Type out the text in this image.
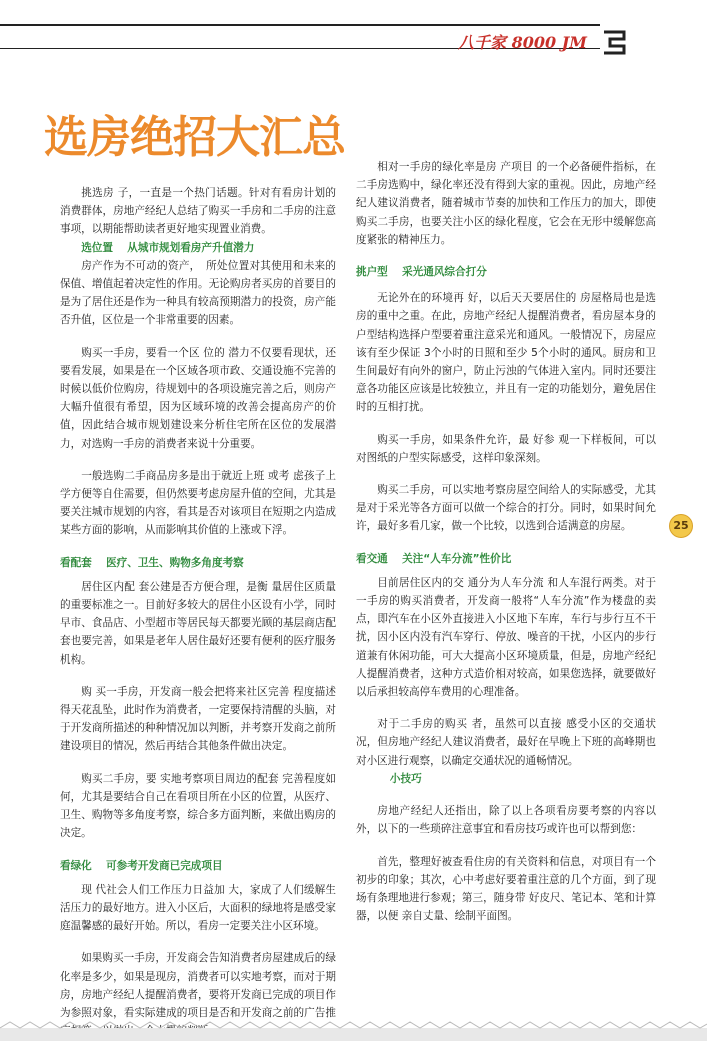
八千家 8000 JM
选房绝招大汇总

挑选房 子，一直是一个热门话题。针对有看房计划的消费群体，房地产经纪人总结了购买一手房和二手房的注意事项，以期能帮助读者更好地实现置业消费。

选位置　 从城市规划看房产升值潜力

房产作为不可动的资产，　所处位置对其使用和未来的保值、增值起着决定性的作用。无论购房者买房的首要目的是为了居住还是作为一种具有较高预期潜力的投资，房产能否升值，区位是一个非常重要的因素。

购买一手房，要看一个区 位的 潜力不仅要看现状，还要看发展，如果是在一个区域各项市政、交通设施不完善的时候以低价位购房，待规划中的各项设施完善之后，则房产大幅升值很有希望，因为区域环境的改善会提高房产的价值，因此结合城市规划建设来分析住宅所在区位的发展潜力，对选购一手房的消费者来说十分重要。

一般选购二手商品房多是出于就近上班 或考 虑孩子上学方便等自住需要，但仍然要考虑房屋升值的空间，尤其是要关注城市规划的内容，看其是否对该项目在短期之内造成某些方面的影响，从而影响其价值的上涨或下浮。

看配套　 医疗、卫生、购物多角度考察

居住区内配 套公建是否方便合理，是衡 量居住区质量的重要标准之一。目前好多较大的居住小区设有小学，同时早市、食品店、小型超市等居民每天都要光顾的基层商店配套也要完善，如果是老年人居住最好还要有便利的医疗服务机构。

购 买一手房，开发商一般会把将来社区完善 程度描述得天花乱坠，此时作为消费者，一定要保持清醒的头脑，对于开发商所描述的种种情况加以判断，并考察开发商之前所建设项目的情况，然后再结合其他条件做出决定。

购买二手房，要 实地考察项目周边的配套 完善程度如何，尤其是要结合自己在看项目所在小区的位置，从医疗、卫生、购物等多角度考察，综合多方面判断，来做出购房的决定。

看绿化　 可参考开发商已完成项目

现 代社会人们工作压力日益加 大，家成了人们缓解生活压力的最好地方。进入小区后，大面积的绿地将是感受家庭温馨感的最好开始。所以，看房一定要关注小区环境。

如果购买一手房，开发商会告知消费者房屋建成后的绿化率是多少，如果是现房，消费者可以实地考察，而对于期房，房地产经纪人提醒消费者，要将开发商已完成的项目作为参照对象，看实际建成的项目是否和开发商之前的广告推

相对一手房的绿化率是房 产项目 的一个必备硬件指标，在二手房选购中，绿化率还没有得到大家的重视。因此，房地产经纪人建议消费者，随着城市节奏的加快和工作压力的加大，即使购买二手房，也要关注小区的绿化程度，它会在无形中缓解您高度紧张的精神压力。

挑户型　 采光通风综合打分

无论外在的环境再 好，以后天天要居住的 房屋格局也是选房的重中之重。在此，房地产经纪人提醒消费者，看房屋本身的户型结构选择户型要着重注意采光和通风。一般情况下，房屋应该有至少保证 3个小时的日照和至少 5个小时的通风。厨房和卫生间最好有向外的窗户，防止污浊的气体进入室内。同时还要注意各功能区应该是比较独立，并且有一定的功能划分，避免居住时的互相打扰。

购买一手房，如果条件允许，最 好参 观一下样板间，可以对图纸的户型实际感受，这样印象深刻。

购买二手房，可以实地考察房屋空间给人的实际感受，尤其是对于采光等各方面可以做一个综合的打分。同时，如果时间允许，最好多看几家，做一个比较，以选到合适满意的房屋。

看交通　 关注“人车分流”性价比

目前居住区内的交 通分为人车分流 和人车混行两类。对于一手房的购买消费者，开发商一般将“人车分流”作为楼盘的卖点，即汽车在小区外直接进入小区地下车库，车行与步行互不干扰，因小区内没有汽车穿行、停放、噪音的干扰，小区内的步行道兼有休闲功能，可大大提高小区环境质量，但是，房地产经纪人提醒消费者，这种方式造价相对较高，如果您选择，就要做好以后承担较高停车费用的心理准备。

对于二手房的购买 者，虽然可以直接 感受小区的交通状况，但房地产经纪人建议消费者，最好在早晚上下班的高峰期也对小区进行观察，以确定交通状况的通畅情况。

小技巧

房地产经纪人还指出，除了以上各项看房要考察的内容以外，以下的一些琐碎注意事宜和看房技巧或许也可以帮到您：

首先，整理好被查看住房的有关资料和信息，对项目有一个初步的印象；其次，心中考虑好要着重注意的几个方面，到了现场有条理地进行参观；第三，随身带 好皮尺、笔记本、笔和计算器，以便 亲自丈量、绘制平面图。

25
